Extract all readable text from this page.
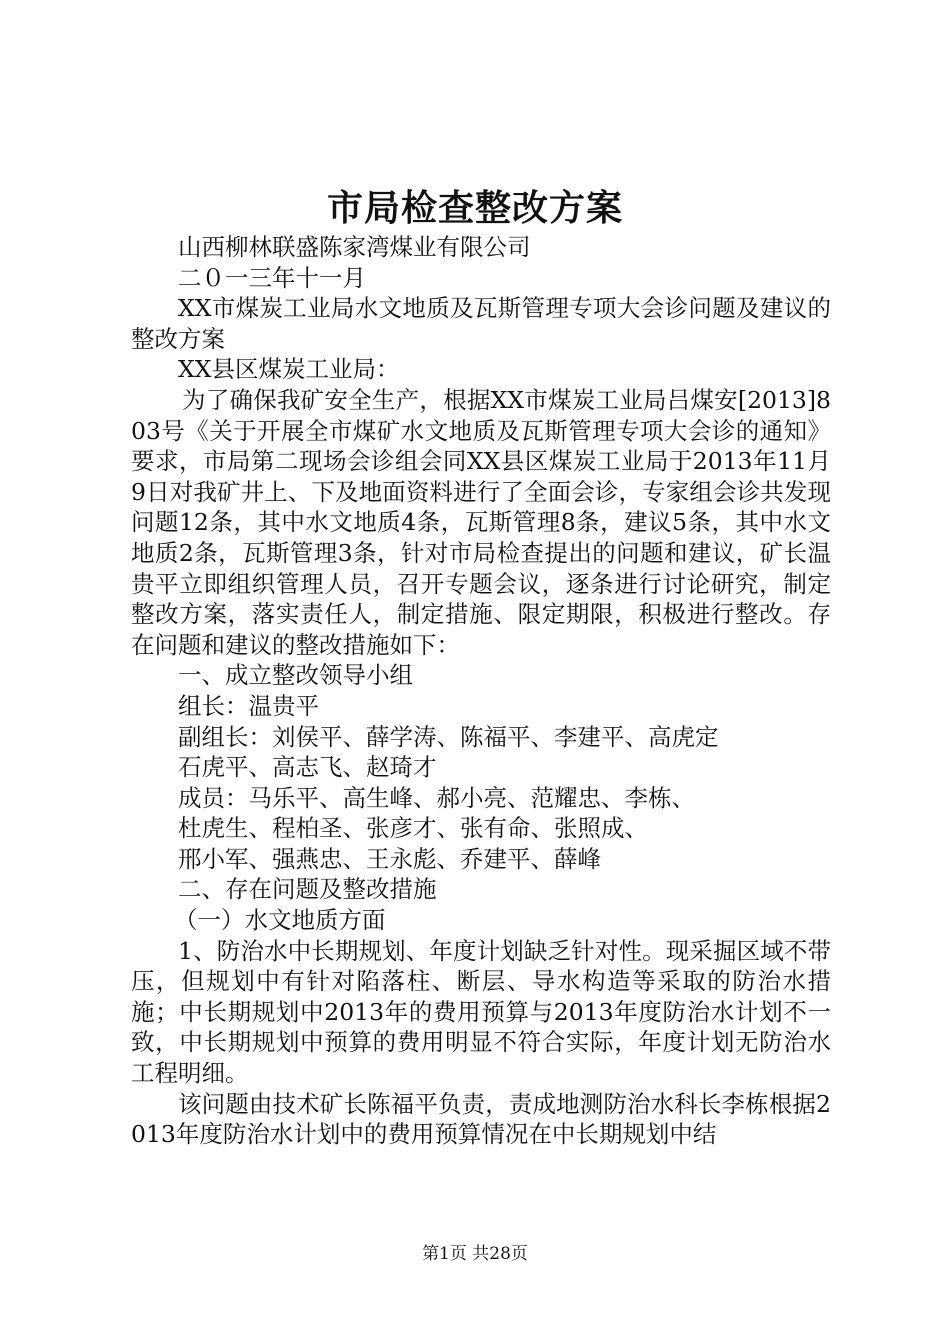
市局检查整改方案

山西柳林联盛陈家湾煤业有限公司

二０一三年十一月

XX市煤炭工业局水文地质及瓦斯管理专项大会诊问题及建议的整改方案

XX县区煤炭工业局：

为了确保我矿安全生产，根据XX市煤炭工业局吕煤安[2013]803号《关于开展全市煤矿水文地质及瓦斯管理专项大会诊的通知》要求，市局第二现场会诊组会同XX县区煤炭工业局于2013年11月9日对我矿井上、下及地面资料进行了全面会诊，专家组会诊共发现问题12条，其中水文地质4条，瓦斯管理8条，建议5条，其中水文地质2条，瓦斯管理3条，针对市局检查提出的问题和建议，矿长温贵平立即组织管理人员，召开专题会议，逐条进行讨论研究，制定整改方案，落实责任人，制定措施、限定期限，积极进行整改。存在问题和建议的整改措施如下：

一、成立整改领导小组

组长：温贵平

副组长：刘侯平、薛学涛、陈福平、李建平、高虎定

石虎平、高志飞、赵琦才

成员：马乐平、高生峰、郝小亮、范耀忠、李栋、

杜虎生、程柏圣、张彦才、张有命、张照成、

邢小军、强燕忠、王永彪、乔建平、薛峰

二、存在问题及整改措施

（一）水文地质方面

1、防治水中长期规划、年度计划缺乏针对性。现采掘区域不带压，但规划中有针对陷落柱、断层、导水构造等采取的防治水措施；中长期规划中2013年的费用预算与2013年度防治水计划不一致，中长期规划中预算的费用明显不符合实际，年度计划无防治水工程明细。

该问题由技术矿长陈福平负责，责成地测防治水科长李栋根据2013年度防治水计划中的费用预算情况在中长期规划中结

第1页 共28页
